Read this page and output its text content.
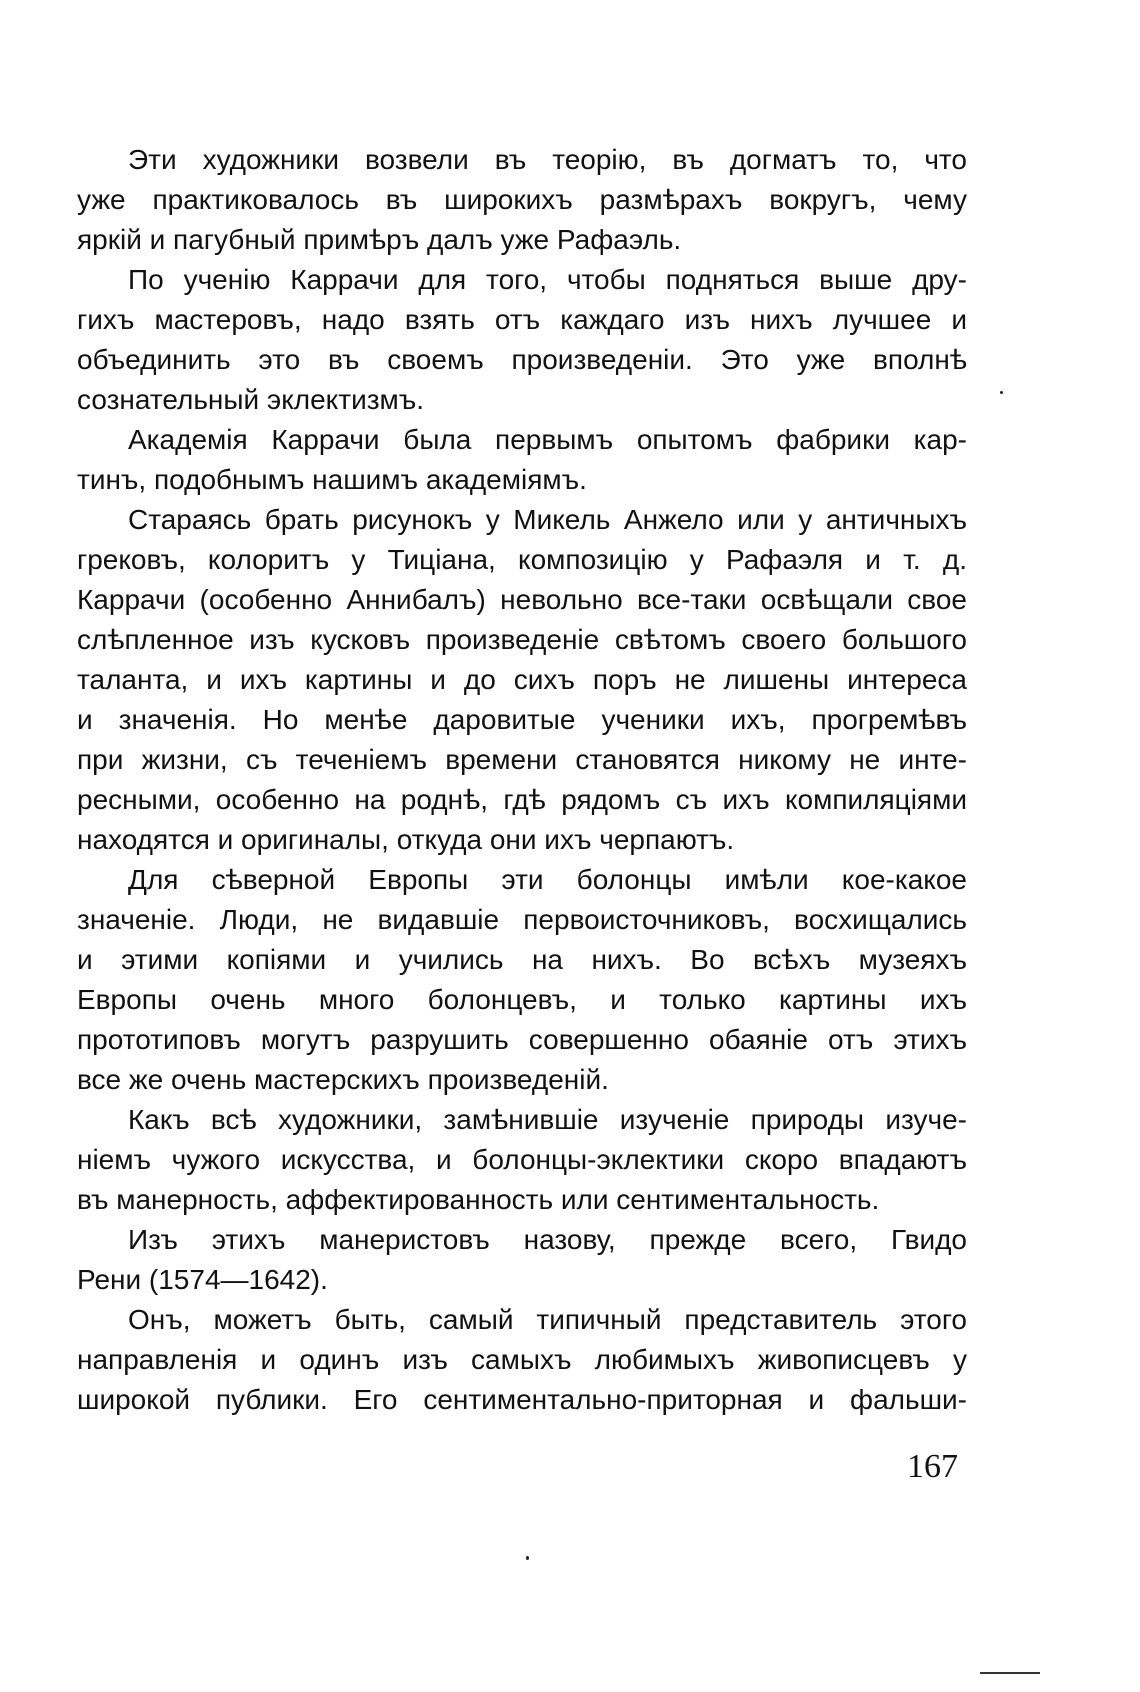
Эти художники возвели въ теорію, въ догматъ то, что
уже практиковалось въ широкихъ размѣрахъ вокругъ, чему
яркій и пагубный примѣръ далъ уже Рафаэль.
По ученію Каррачи для того, чтобы подняться выше дру-
гихъ мастеровъ, надо взять отъ каждаго изъ нихъ лучшее и
объединить это въ своемъ произведеніи. Это уже вполнѣ
сознательный эклектизмъ.
Академія Каррачи была первымъ опытомъ фабрики кар-
тинъ, подобнымъ нашимъ академіямъ.
Стараясь брать рисунокъ у Микель Анжело или у античныхъ
грековъ, колоритъ у Тиціана, композицію у Рафаэля и т. д.
Каррачи (особенно Аннибалъ) невольно все-таки освѣщали свое
слѣпленное изъ кусковъ произведеніе свѣтомъ своего большого
таланта, и ихъ картины и до сихъ поръ не лишены интереса
и значенія. Но менѣе даровитые ученики ихъ, прогремѣвъ
при жизни, съ теченіемъ времени становятся никому не инте-
ресными, особенно на роднѣ, гдѣ рядомъ съ ихъ компиляціями
находятся и оригиналы, откуда они ихъ черпаютъ.
Для сѣверной Европы эти болонцы имѣли кое-какое
значеніе. Люди, не видавшіе первоисточниковъ, восхищались
и этими копіями и учились на нихъ. Во всѣхъ музеяхъ
Европы очень много болонцевъ, и только картины ихъ
прототиповъ могутъ разрушить совершенно обаяніе отъ этихъ
все же очень мастерскихъ произведеній.
Какъ всѣ художники, замѣнившіе изученіе природы изуче-
ніемъ чужого искусства, и болонцы-эклектики скоро впадаютъ
въ манерность, аффектированность или сентиментальность.
Изъ этихъ манеристовъ назову, прежде всего, Гвидо
Рени (1574—1642).
Онъ, можетъ быть, самый типичный представитель этого
направленія и одинъ изъ самыхъ любимыхъ живописцевъ у
широкой публики. Его сентиментально-приторная и фальши-
167
